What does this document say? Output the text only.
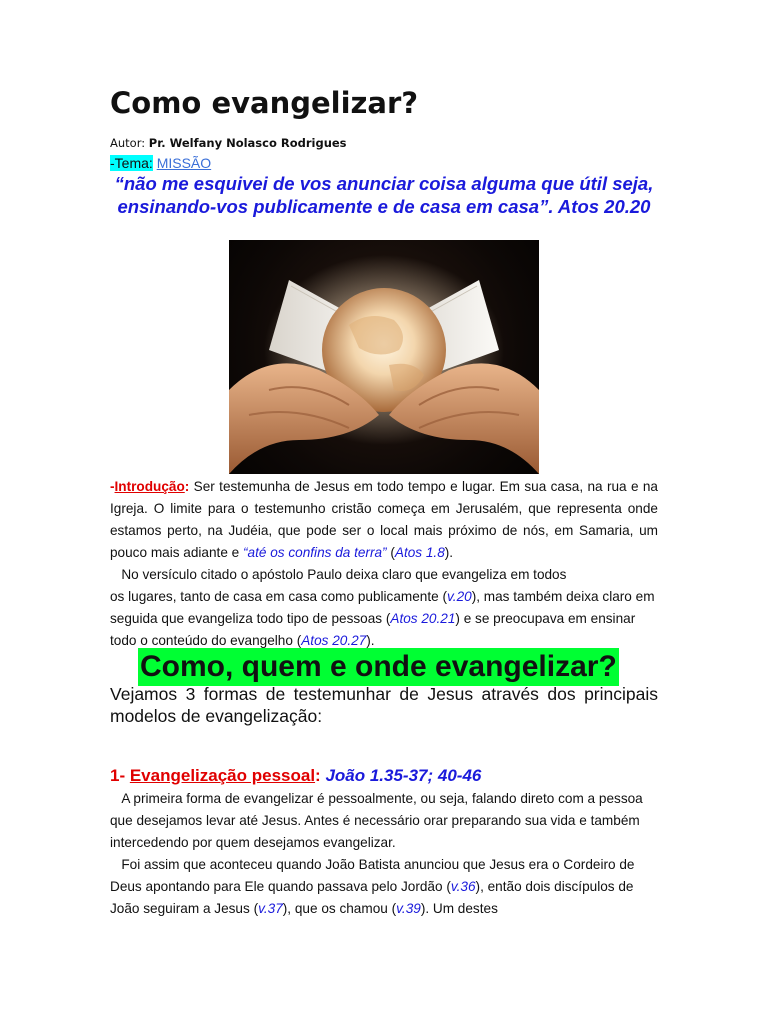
Como evangelizar?
Autor: Pr. Welfany Nolasco Rodrigues
-Tema: MISSÃO
“não me esquivei de vos anunciar coisa alguma que útil seja, ensinando-vos publicamente e de casa em casa”. Atos 20.20
-Introdução: Ser testemunha de Jesus em todo tempo e lugar. Em sua casa, na rua e na Igreja. O limite para o testemunho cristão começa em Jerusalém, que representa onde estamos perto, na Judéia, que pode ser o local mais próximo de nós, em Samaria, um pouco mais adiante e “até os confins da terra” (Atos 1.8).
No versículo citado o apóstolo Paulo deixa claro que evangeliza em todos
os lugares, tanto de casa em casa como publicamente (v.20), mas também deixa claro em seguida que evangeliza todo tipo de pessoas (Atos 20.21) e se preocupava em ensinar todo o conteúdo do evangelho (Atos 20.27).
Como, quem e onde evangelizar?
Vejamos 3 formas de testemunhar de Jesus através dos principais modelos de evangelização:
1- Evangelização pessoal: João 1.35-37; 40-46
A primeira forma de evangelizar é pessoalmente, ou seja, falando direto com a pessoa que desejamos levar até Jesus. Antes é necessário orar preparando sua vida e também intercedendo por quem desejamos evangelizar.
Foi assim que aconteceu quando João Batista anunciou que Jesus era o Cordeiro de Deus apontando para Ele quando passava pelo Jordão (v.36), então dois discípulos de João seguiram a Jesus (v.37), que os chamou (v.39). Um destes
